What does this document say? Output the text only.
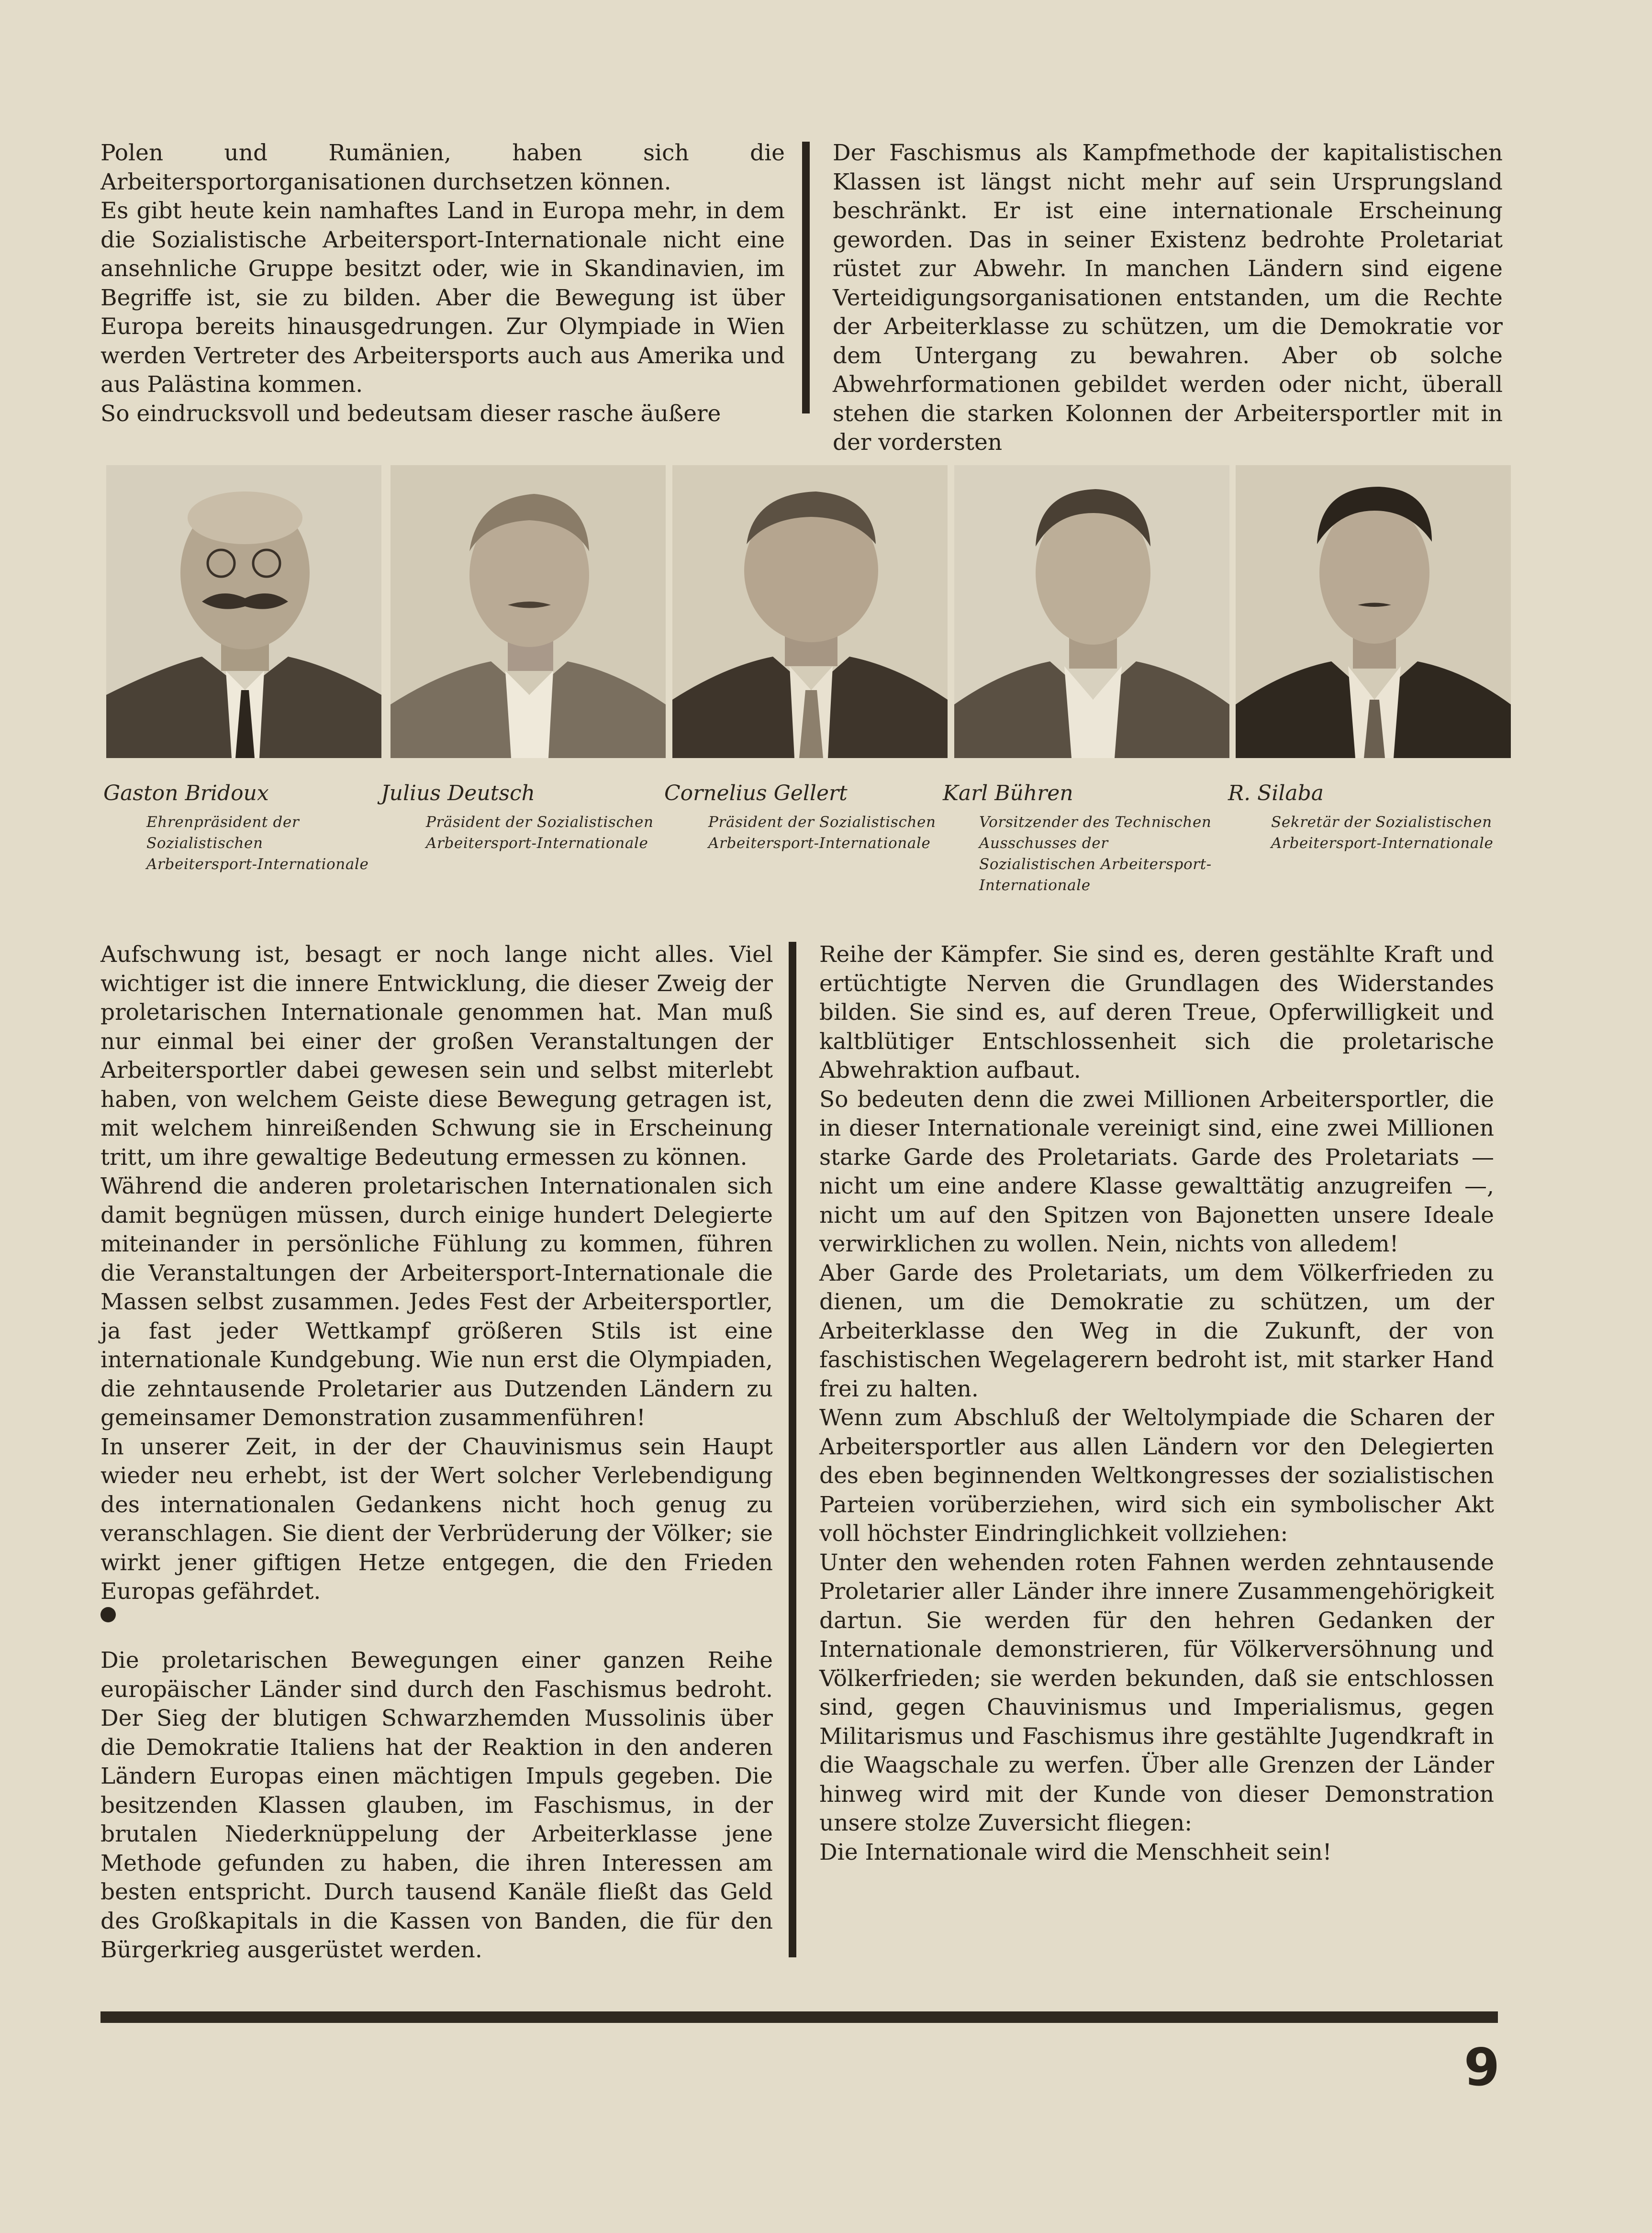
Polen und Rumänien, haben sich die Arbeitersportorganisationen durchsetzen können.

Es gibt heute kein namhaftes Land in Europa mehr, in dem die Sozialistische Arbeitersport-Internationale nicht eine ansehnliche Gruppe besitzt oder, wie in Skandinavien, im Begriffe ist, sie zu bilden. Aber die Bewegung ist über Europa bereits hinausgedrungen. Zur Olympiade in Wien werden Vertreter des Arbeitersports auch aus Amerika und aus Palästina kommen.

So eindrucksvoll und bedeutsam dieser rasche äußere

Der Faschismus als Kampfmethode der kapitalistischen Klassen ist längst nicht mehr auf sein Ursprungsland beschränkt. Er ist eine internationale Erscheinung geworden. Das in seiner Existenz bedrohte Proletariat rüstet zur Abwehr. In manchen Ländern sind eigene Verteidigungsorganisationen entstanden, um die Rechte der Arbeiterklasse zu schützen, um die Demokratie vor dem Untergang zu bewahren. Aber ob solche Abwehrformationen gebildet werden oder nicht, überall stehen die starken Kolonnen der Arbeitersportler mit in der vordersten

Gaston Bridoux
Ehrenpräsident der Sozialistischen Arbeitersport-Internationale
Julius Deutsch
Präsident der Sozialistischen Arbeitersport-Internationale
Cornelius Gellert
Präsident der Sozialistischen Arbeitersport-Internationale
Karl Bühren
Vorsitzender des Technischen Ausschusses der Sozialistischen Arbeitersport-Internationale
R. Silaba
Sekretär der Sozialistischen Arbeitersport-Internationale

Aufschwung ist, besagt er noch lange nicht alles. Viel wichtiger ist die innere Entwicklung, die dieser Zweig der proletarischen Internationale genommen hat. Man muß nur einmal bei einer der großen Veranstaltungen der Arbeitersportler dabei gewesen sein und selbst miterlebt haben, von welchem Geiste diese Bewegung getragen ist, mit welchem hinreißenden Schwung sie in Erscheinung tritt, um ihre gewaltige Bedeutung ermessen zu können.

Während die anderen proletarischen Internationalen sich damit begnügen müssen, durch einige hundert Delegierte miteinander in persönliche Fühlung zu kommen, führen die Veranstaltungen der Arbeitersport-Internationale die Massen selbst zusammen. Jedes Fest der Arbeitersportler, ja fast jeder Wettkampf größeren Stils ist eine internationale Kundgebung. Wie nun erst die Olympiaden, die zehntausende Proletarier aus Dutzenden Ländern zu gemeinsamer Demonstration zusammenführen!

In unserer Zeit, in der der Chauvinismus sein Haupt wieder neu erhebt, ist der Wert solcher Verlebendigung des internationalen Gedankens nicht hoch genug zu veranschlagen. Sie dient der Verbrüderung der Völker; sie wirkt jener giftigen Hetze entgegen, die den Frieden Europas gefährdet.

Die proletarischen Bewegungen einer ganzen Reihe europäischer Länder sind durch den Faschismus bedroht. Der Sieg der blutigen Schwarzhemden Mussolinis über die Demokratie Italiens hat der Reaktion in den anderen Ländern Europas einen mächtigen Impuls gegeben. Die besitzenden Klassen glauben, im Faschismus, in der brutalen Niederknüppelung der Arbeiterklasse jene Methode gefunden zu haben, die ihren Interessen am besten entspricht. Durch tausend Kanäle fließt das Geld des Großkapitals in die Kassen von Banden, die für den Bürgerkrieg ausgerüstet werden.

Reihe der Kämpfer. Sie sind es, deren gestählte Kraft und ertüchtigte Nerven die Grundlagen des Widerstandes bilden. Sie sind es, auf deren Treue, Opferwilligkeit und kaltblütiger Entschlossenheit sich die proletarische Abwehraktion aufbaut.

So bedeuten denn die zwei Millionen Arbeitersportler, die in dieser Internationale vereinigt sind, eine zwei Millionen starke Garde des Proletariats. Garde des Proletariats — nicht um eine andere Klasse gewalttätig anzugreifen —, nicht um auf den Spitzen von Bajonetten unsere Ideale verwirklichen zu wollen. Nein, nichts von alledem!

Aber Garde des Proletariats, um dem Völkerfrieden zu dienen, um die Demokratie zu schützen, um der Arbeiterklasse den Weg in die Zukunft, der von faschistischen Wegelagerern bedroht ist, mit starker Hand frei zu halten.

Wenn zum Abschluß der Weltolympiade die Scharen der Arbeitersportler aus allen Ländern vor den Delegierten des eben beginnenden Weltkongresses der sozialistischen Parteien vorüberziehen, wird sich ein symbolischer Akt voll höchster Eindringlichkeit vollziehen:

Unter den wehenden roten Fahnen werden zehntausende Proletarier aller Länder ihre innere Zusammengehörigkeit dartun. Sie werden für den hehren Gedanken der Internationale demonstrieren, für Völkerversöhnung und Völkerfrieden; sie werden bekunden, daß sie entschlossen sind, gegen Chauvinismus und Imperialismus, gegen Militarismus und Faschismus ihre gestählte Jugendkraft in die Waagschale zu werfen. Über alle Grenzen der Länder hinweg wird mit der Kunde von dieser Demonstration unsere stolze Zuversicht fliegen:

Die Internationale wird die Menschheit sein!

9
